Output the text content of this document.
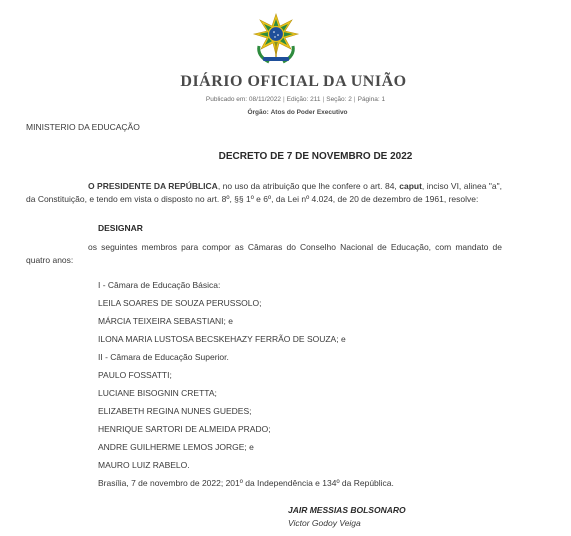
DIÁRIO OFICIAL DA UNIÃO
Publicado em: 08/11/2022 | Edição: 211 | Seção: 2 | Página: 1
Órgão: Atos do Poder Executivo
MINISTERIO DA EDUCAÇÃO
DECRETO DE 7 DE NOVEMBRO DE 2022
O PRESIDENTE DA REPÚBLICA, no uso da atribuição que lhe confere o art. 84, caput, inciso VI, alinea "a", da Constituição, e tendo em vista o disposto no art. 8º, §§ 1º e 6º, da Lei nº 4.024, de 20 de dezembro de 1961, resolve:
DESIGNAR
os seguintes membros para compor as Câmaras do Conselho Nacional de Educação, com mandato de quatro anos:
I - Câmara de Educação Básica:
LEILA SOARES DE SOUZA PERUSSOLO;
MÁRCIA TEIXEIRA SEBASTIANI; e
ILONA MARIA LUSTOSA BECSKEHAZY FERRÃO DE SOUZA; e
II - Câmara de Educação Superior.
PAULO FOSSATTI;
LUCIANE BISOGNIN CRETTA;
ELIZABETH REGINA NUNES GUEDES;
HENRIQUE SARTORI DE ALMEIDA PRADO;
ANDRE GUILHERME LEMOS JORGE; e
MAURO LUIZ RABELO.
Brasília, 7 de novembro de 2022; 201º da Independência e 134º da República.
JAIR MESSIAS BOLSONARO
Victor Godoy Veiga
